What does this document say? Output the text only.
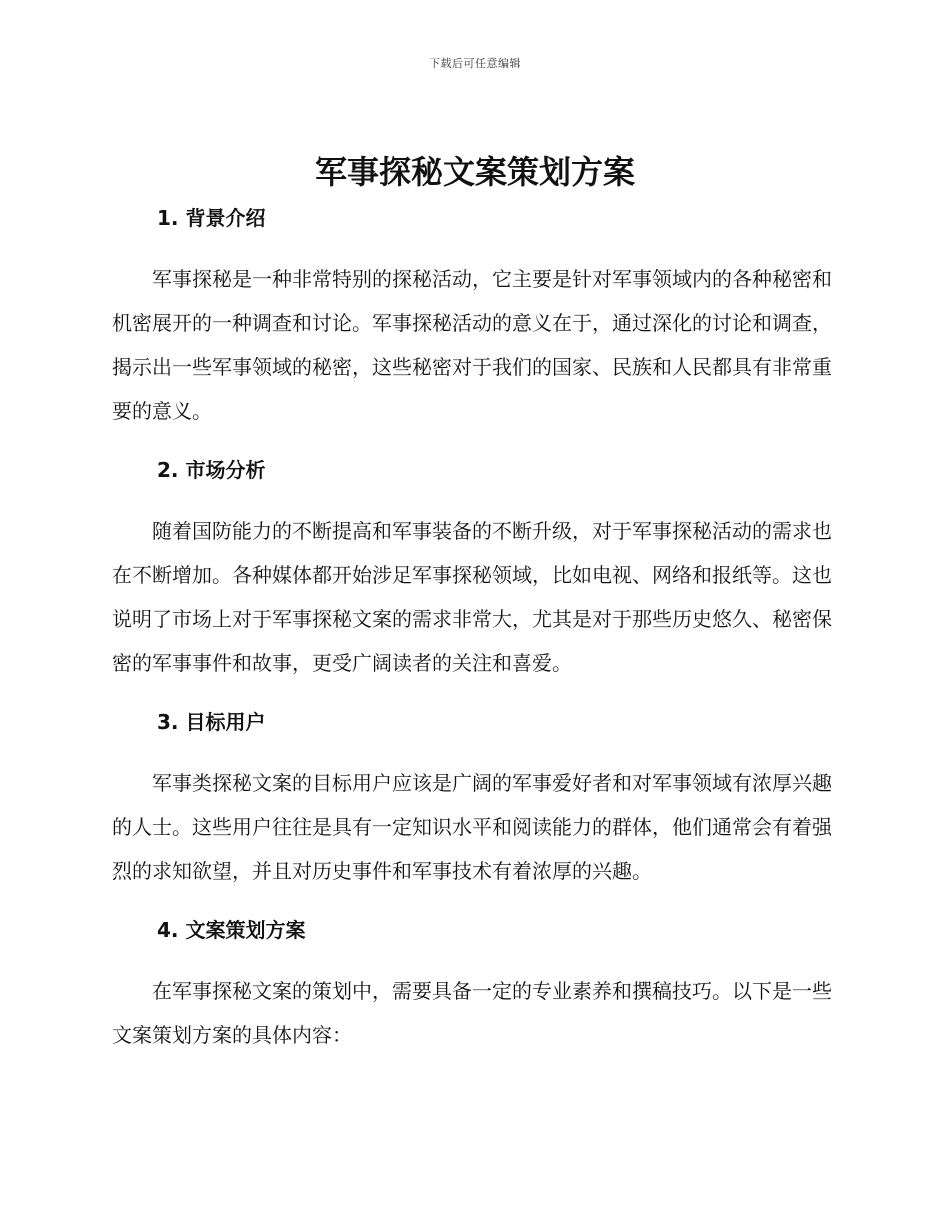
下载后可任意编辑
军事探秘文案策划方案
1. 背景介绍

军事探秘是一种非常特别的探秘活动，它主要是针对军事领域内的各种秘密和机密展开的一种调查和讨论。军事探秘活动的意义在于，通过深化的讨论和调查，揭示出一些军事领域的秘密，这些秘密对于我们的国家、民族和人民都具有非常重要的意义。

2. 市场分析

随着国防能力的不断提高和军事装备的不断升级，对于军事探秘活动的需求也在不断增加。各种媒体都开始涉足军事探秘领域，比如电视、网络和报纸等。这也说明了市场上对于军事探秘文案的需求非常大，尤其是对于那些历史悠久、秘密保密的军事事件和故事，更受广阔读者的关注和喜爱。

3. 目标用户

军事类探秘文案的目标用户应该是广阔的军事爱好者和对军事领域有浓厚兴趣的人士。这些用户往往是具有一定知识水平和阅读能力的群体，他们通常会有着强烈的求知欲望，并且对历史事件和军事技术有着浓厚的兴趣。

4. 文案策划方案

在军事探秘文案的策划中，需要具备一定的专业素养和撰稿技巧。以下是一些文案策划方案的具体内容：
